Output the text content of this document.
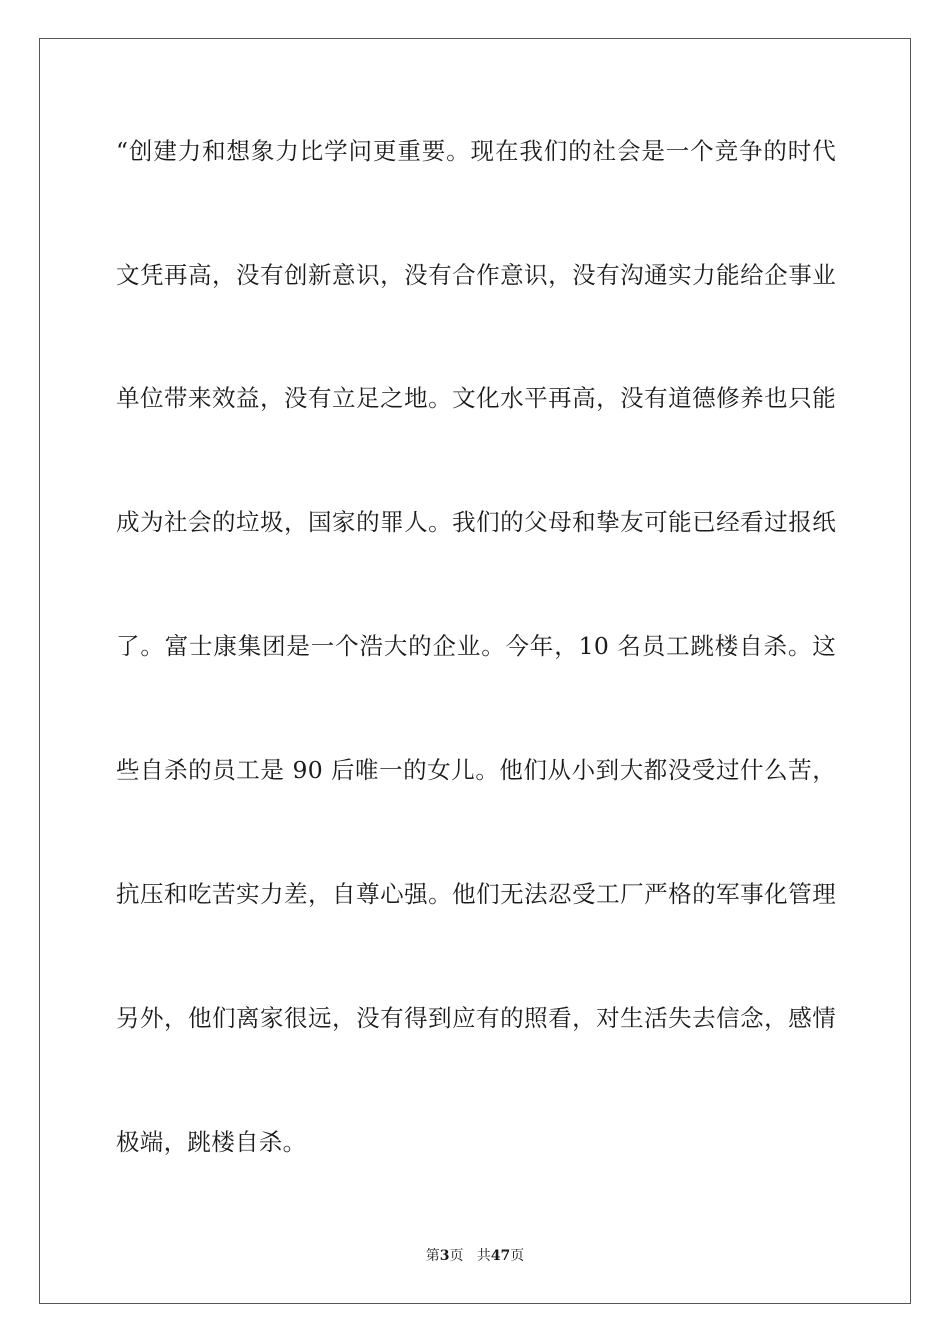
“创建力和想象力比学问更重要。现在我们的社会是一个竞争的时代
文凭再高，没有创新意识，没有合作意识，没有沟通实力能给企事业
单位带来效益，没有立足之地。文化水平再高，没有道德修养也只能
成为社会的垃圾，国家的罪人。我们的父母和挚友可能已经看过报纸
了。富士康集团是一个浩大的企业。今年，10 名员工跳楼自杀。这
些自杀的员工是 90 后唯一的女儿。他们从小到大都没受过什么苦，
抗压和吃苦实力差，自尊心强。他们无法忍受工厂严格的军事化管理
另外，他们离家很远，没有得到应有的照看，对生活失去信念，感情
极端，跳楼自杀。
第3页 共47页
